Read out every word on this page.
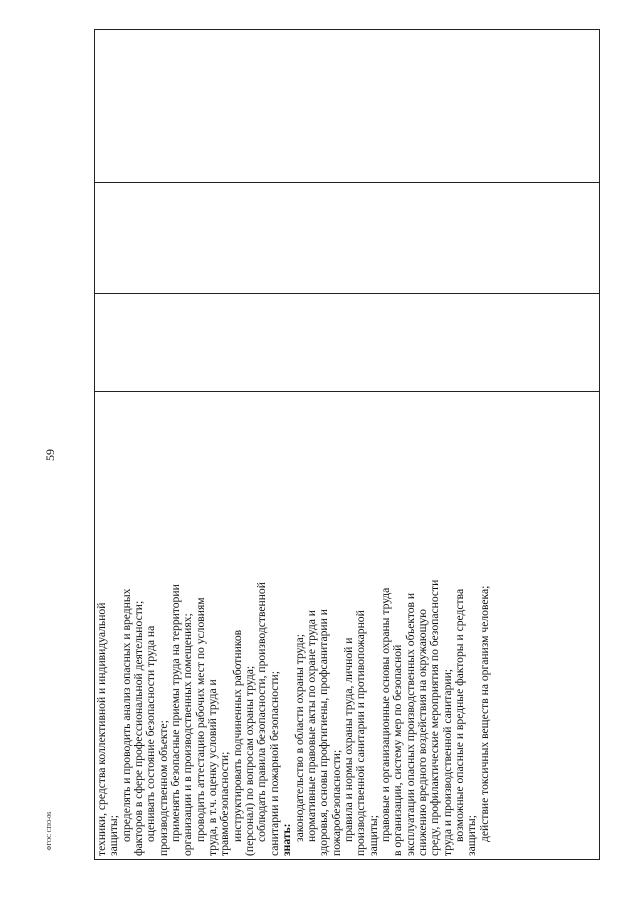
59
техники, средства коллективной и индивидуальной защиты; определять и проводить анализ опасных и вредных факторов в сфере профессиональной деятельности; оценивать состояние безопасности труда на производственном объекте; применять безопасные приемы труда на территории организации и в производственных помещениях; проводить аттестацию рабочих мест по условиям труда, в т.ч. оценку условий труда и травмобезопасности; инструктировать подчиненных работников (персонал) по вопросам охраны труда; соблюдать правила безопасности, производственной санитарии и пожарной безопасности; знать: законодательство в области охраны труда; нормативные правовые акты по охране труда и здоровья, основы профгигиены, профсанитарии и пожаробезопасности; правила и нормы охраны труда, личной и производственной санитарии и противопожарной защиты; правовые и организационные основы охраны труда в организации, систему мер по безопасной эксплуатации опасных производственных объектов и снижению вредного воздействия на окружающую среду, профилактические мероприятия по безопасности труда и производственной санитарии; возможные опасные и вредные факторы и средства защиты; действие токсичных веществ на организм человека;

ФГОС СПО-06
